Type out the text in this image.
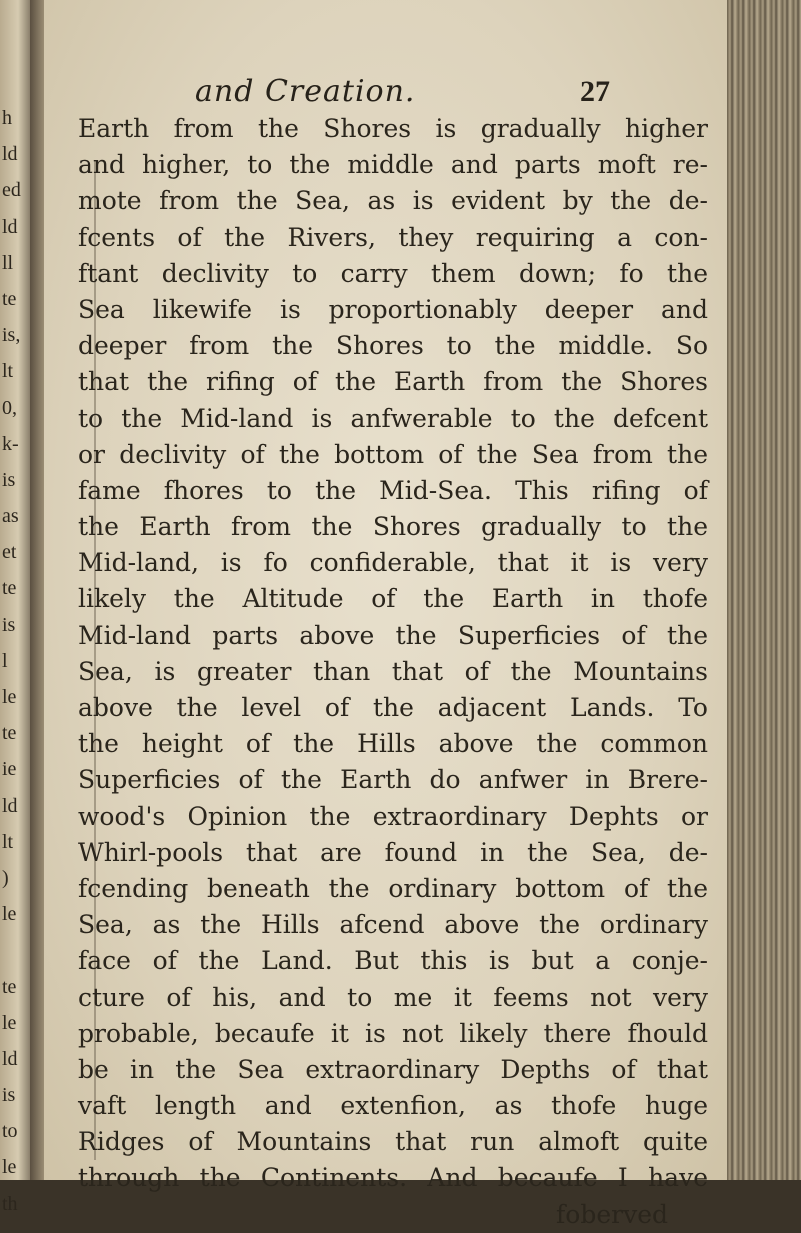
h
ld
ed
ld
ll
te
is,
lt
0,
k-
is
as
et
te
is
l
le
te
ie
ld
lt
)
le
te
le
ld
is
to
le
th
and Creation.	27
Earth from the Shores is gradually higher
and higher, to the middle and parts moft re-
mote from the Sea, as is evident by the de-
fcents of the Rivers, they requiring a con-
ftant declivity to carry them down; fo the
Sea likewife is proportionably deeper and
deeper from the Shores to the middle. So
that the rifing of the Earth from the Shores
to the Mid-land is anfwerable to the defcent
or declivity of the bottom of the Sea from the
fame fhores to the Mid-Sea. This rifing of
the Earth from the Shores gradually to the
Mid-land, is fo confiderable, that it is very
likely the Altitude of the Earth in thofe
Mid-land parts above the Superficies of the
Sea, is greater than that of the Mountains
above the level of the adjacent Lands. To
the height of the Hills above the common
Superficies of the Earth do anfwer in Brere-
wood's Opinion the extraordinary Dephts or
Whirl-pools that are found in the Sea, de-
fcending beneath the ordinary bottom of the
Sea, as the Hills afcend above the ordinary
face of the Land. But this is but a conje-
cture of his, and to me it feems not very
probable, becaufe it is not likely there fhould
be in the Sea extraordinary Depths of that
vaft length and extenfion, as thofe huge
Ridges of Mountains that run almoft quite
through the Continents. And becaufe I have
foberved
